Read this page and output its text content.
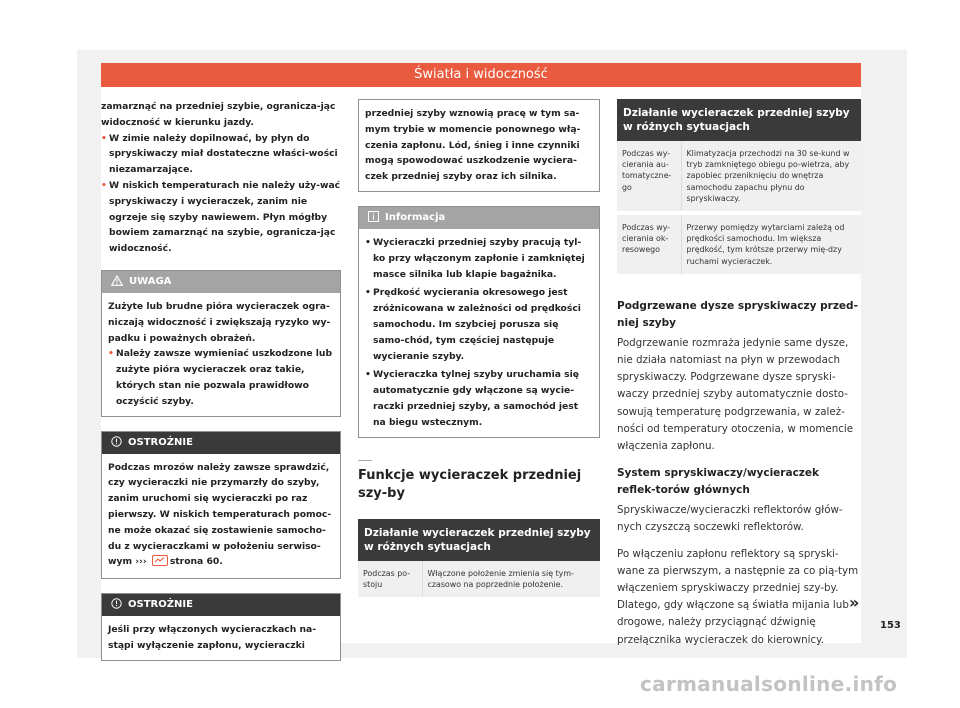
Światła i widoczność

zamarznąć na przedniej szybie, ogranicza-jąc widoczność w kierunku jazdy.

• W zimie należy dopilnować, by płyn do spryskiwaczy miał dostateczne właści-wości niezamarzające.

• W niskich temperaturach nie należy uży-wać spryskiwaczy i wycieraczek, zanim nie ogrzeje się szyby nawiewem. Płyn mógłby bowiem zamarznąć na szybie, ogranicza-jąc widoczność.

UWAGA

Zużyte lub brudne pióra wycieraczek ogra-niczają widoczność i zwiększają ryzyko wy-padku i poważnych obrażeń.

• Należy zawsze wymieniać uszkodzone lub zużyte pióra wycieraczek oraz takie, których stan nie pozwala prawidłowo oczyścić szyby.

OSTROŻNIE

Podczas mrozów należy zawsze sprawdzić, czy wycieraczki nie przymarzły do szyby, zanim uruchomi się wycieraczki po raz pierwszy. W niskich temperaturach pomoc-ne może okazać się zostawienie samocho-du z wycieraczkami w położeniu serwiso-wym ›››	strona 60.

OSTROŻNIE

Jeśli przy włączonych wycieraczkach na-stąpi wyłączenie zapłonu, wycieraczki

przedniej szyby wznowią pracę w tym sa-mym trybie w momencie ponownego włą-czenia zapłonu. Lód, śnieg i inne czynniki mogą spowodować uszkodzenie wyciera-czek przedniej szyby oraz ich silnika.

Informacja

• Wycieraczki przedniej szyby pracują tyl-ko przy włączonym zapłonie i zamkniętej masce silnika lub klapie bagażnika.

• Prędkość wycierania okresowego jest zróżnicowana w zależności od prędkości samochodu. Im szybciej porusza się samo-chód, tym częściej następuje wycieranie szyby.

• Wycieraczka tylnej szyby uruchamia się automatycznie gdy włączone są wycie-raczki przedniej szyby, a samochód jest na biegu wstecznym.

Funkcje wycieraczek przedniej szy-by
Działanie wycieraczek przedniej szyby w różnych sytuacjach
Podczas po-stoju	Włączone położenie zmienia się tym-czasowo na poprzednie położenie.
Działanie wycieraczek przedniej szyby w różnych sytuacjach	
Podczas wy-cierania au-tomatyczne-go	Klimatyzacja przechodzi na 30 se-kund w tryb zamkniętego obiegu po-wietrza, aby zapobiec przeniknięciu do wnętrza samochodu zapachu płynu do spryskiwaczy.
Podczas wy-cierania ok-resowego	Przerwy pomiędzy wytarciami zależą od prędkości samochodu. Im większa prędkość, tym krótsze przerwy mię-dzy ruchami wycieraczek.
Podgrzewane dysze spryskiwaczy przed-niej szyby

Podgrzewanie rozmraża jedynie same dysze, nie działa natomiast na płyn w przewodach spryskiwaczy. Podgrzewane dysze spryski-waczy przedniej szyby automatycznie dosto-sowują temperaturę podgrzewania, w zależ-ności od temperatury otoczenia, w momencie włączenia zapłonu.

System spryskiwaczy/wycieraczek reflek-torów głównych

Spryskiwacze/wycieraczki reflektorów głów-nych czyszczą soczewki reflektorów.

Po włączeniu zapłonu reflektory są spryski-wane za pierwszym, a następnie za co pią-tym włączeniem spryskiwaczy przedniej szy-by. Dlatego, gdy włączone są światła mijania lub drogowe, należy przyciągnąć dźwignię przełącznika wycieraczek do kierownicy.

»
153
carmanualsonline.info
